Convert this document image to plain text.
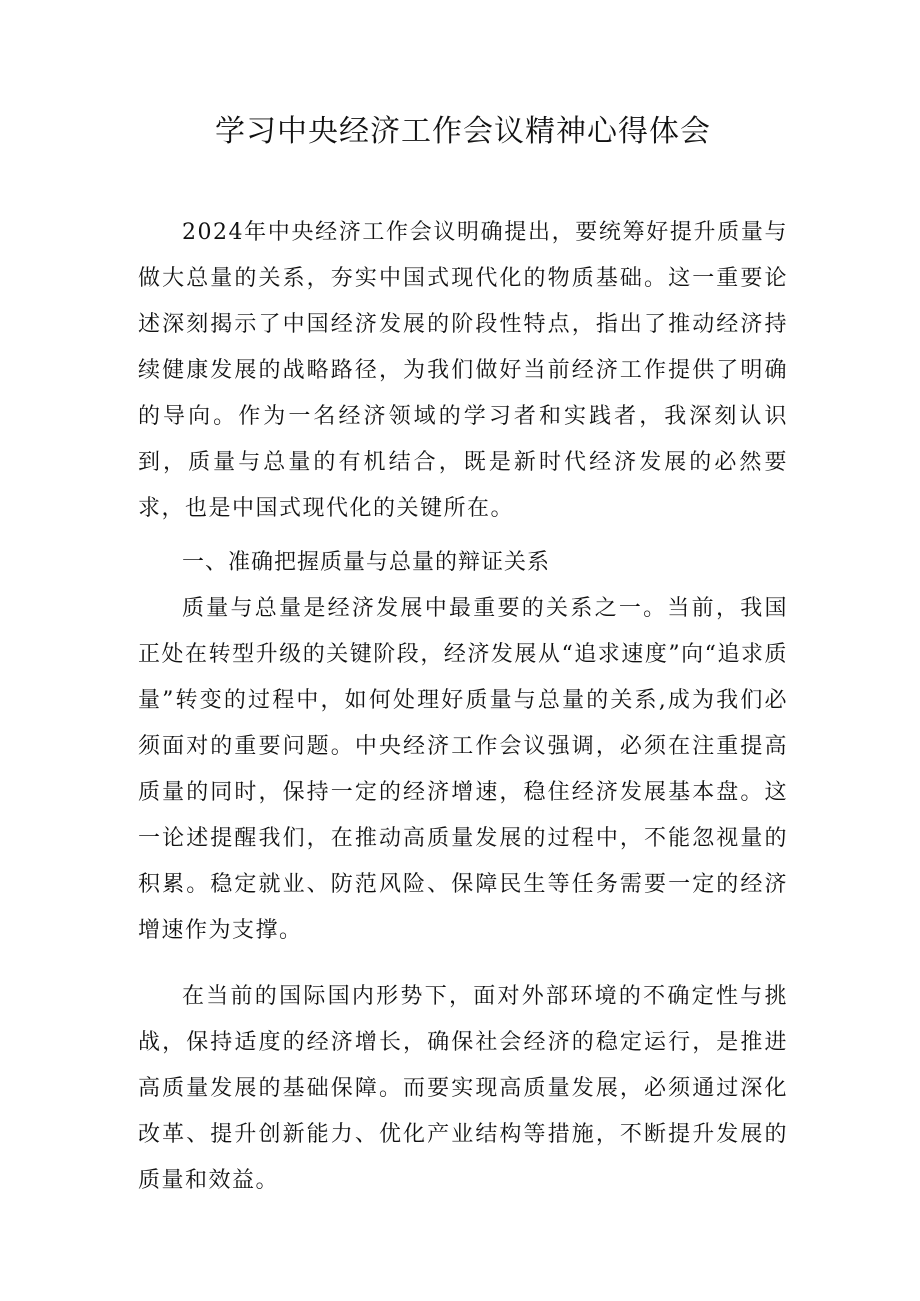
学习中央经济工作会议精神心得体会

2024年中央经济工作会议明确提出，要统筹好提升质量与做大总量的关系，夯实中国式现代化的物质基础。这一重要论述深刻揭示了中国经济发展的阶段性特点，指出了推动经济持续健康发展的战略路径，为我们做好当前经济工作提供了明确的导向。作为一名经济领域的学习者和实践者，我深刻认识到，质量与总量的有机结合，既是新时代经济发展的必然要求，也是中国式现代化的关键所在。

一、准确把握质量与总量的辩证关系

质量与总量是经济发展中最重要的关系之一。当前，我国正处在转型升级的关键阶段，经济发展从“追求速度”向“追求质量”转变的过程中，如何处理好质量与总量的关系,成为我们必须面对的重要问题。中央经济工作会议强调，必须在注重提高质量的同时，保持一定的经济增速，稳住经济发展基本盘。这一论述提醒我们，在推动高质量发展的过程中，不能忽视量的积累。稳定就业、防范风险、保障民生等任务需要一定的经济增速作为支撑。

在当前的国际国内形势下，面对外部环境的不确定性与挑战，保持适度的经济增长，确保社会经济的稳定运行，是推进高质量发展的基础保障。而要实现高质量发展，必须通过深化改革、提升创新能力、优化产业结构等措施，不断提升发展的质量和效益。
